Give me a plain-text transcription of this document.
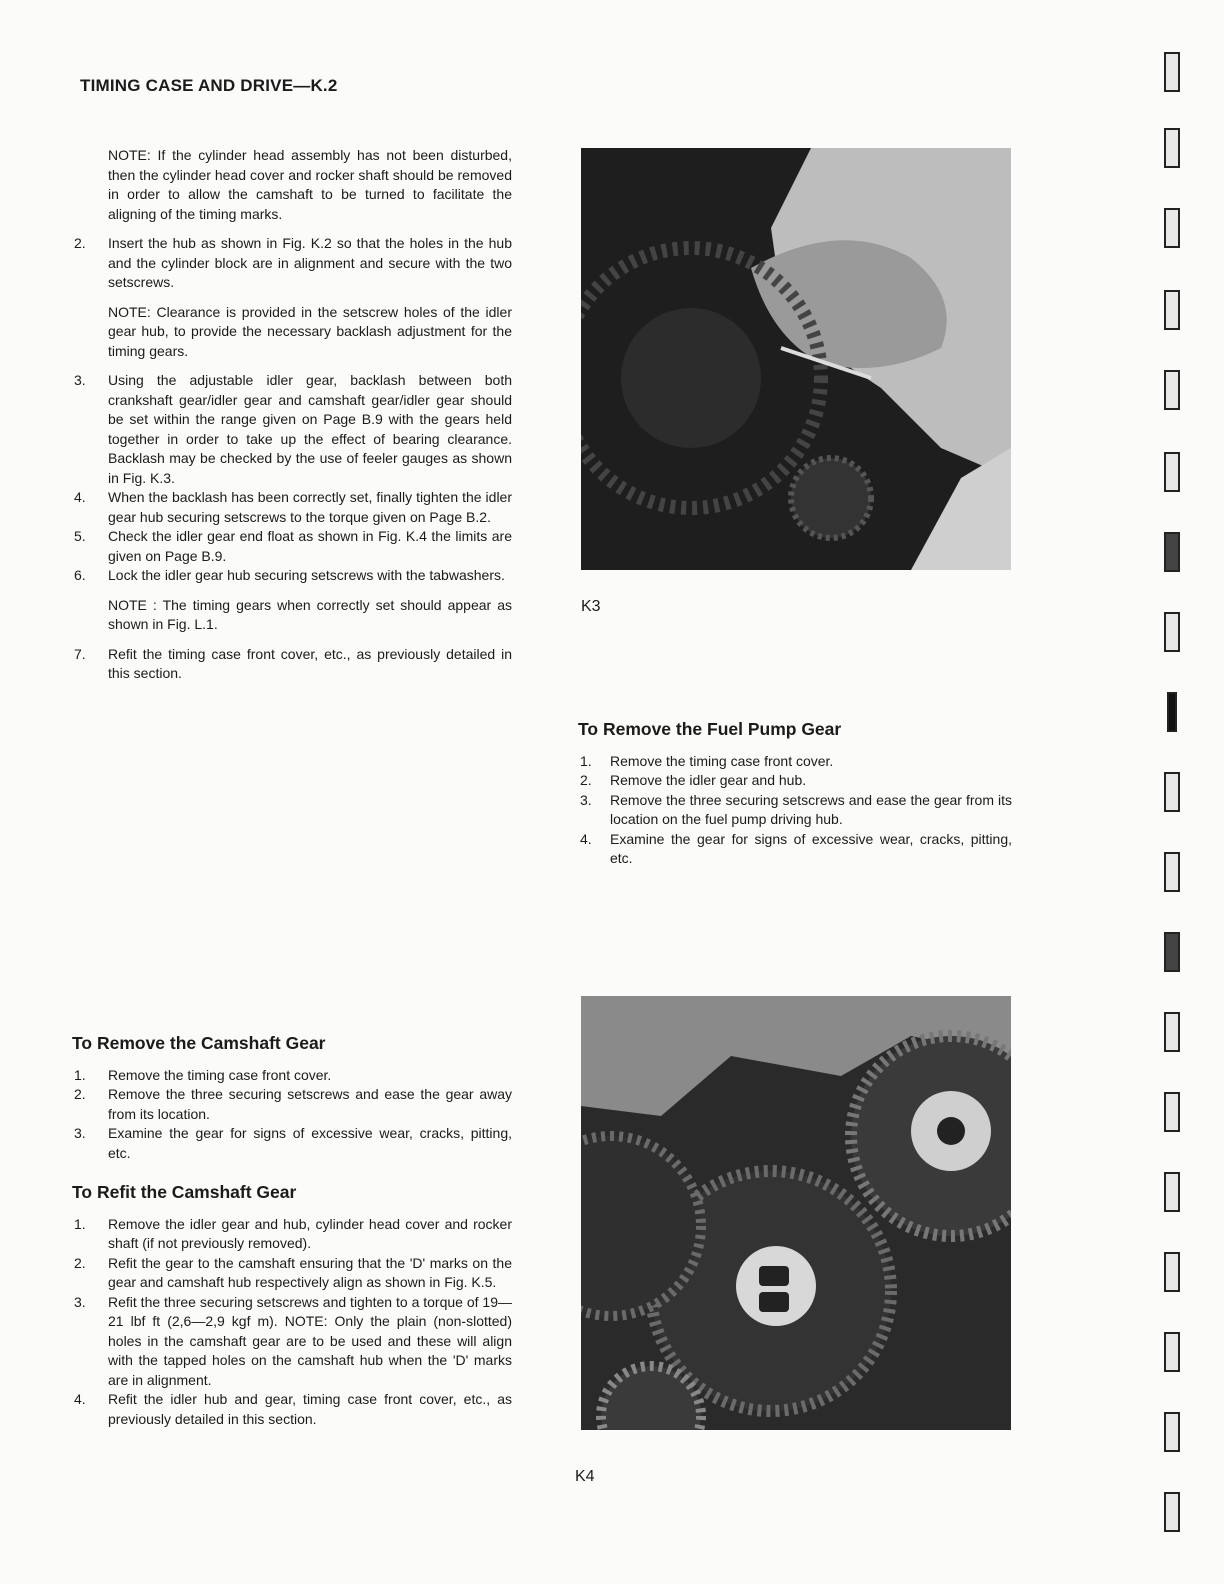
TIMING CASE AND DRIVE—K.2
NOTE: If the cylinder head assembly has not been disturbed, then the cylinder head cover and rocker shaft should be removed in order to allow the camshaft to be turned to facilitate the aligning of the timing marks.
2.	Insert the hub as shown in Fig. K.2 so that the holes in the hub and the cylinder block are in alignment and secure with the two setscrews.
NOTE: Clearance is provided in the setscrew holes of the idler gear hub, to provide the necessary backlash adjustment for the timing gears.
3.	Using the adjustable idler gear, backlash between both crankshaft gear/idler gear and camshaft gear/idler gear should be set within the range given on Page B.9 with the gears held together in order to take up the effect of bearing clearance. Backlash may be checked by the use of feeler gauges as shown in Fig. K.3.
4.	When the backlash has been correctly set, finally tighten the idler gear hub securing setscrews to the torque given on Page B.2.
5.	Check the idler gear end float as shown in Fig. K.4 the limits are given on Page B.9.
6.	Lock the idler gear hub securing setscrews with the tabwashers.
NOTE : The timing gears when correctly set should appear as shown in Fig. L.1.
7.	Refit the timing case front cover, etc., as previously detailed in this section.
To Remove the Camshaft Gear
1.	Remove the timing case front cover.
2.	Remove the three securing setscrews and ease the gear away from its location.
3.	Examine the gear for signs of excessive wear, cracks, pitting, etc.
To Refit the Camshaft Gear
1.	Remove the idler gear and hub, cylinder head cover and rocker shaft (if not previously removed).
2.	Refit the gear to the camshaft ensuring that the 'D' marks on the gear and camshaft hub respectively align as shown in Fig. K.5.
3.	Refit the three securing setscrews and tighten to a torque of 19—21 lbf ft (2,6—2,9 kgf m). NOTE: Only the plain (non-slotted) holes in the camshaft gear are to be used and these will align with the tapped holes on the camshaft hub when the 'D' marks are in alignment.
4.	Refit the idler hub and gear, timing case front cover, etc., as previously detailed in this section.
K3
To Remove the Fuel Pump Gear
1.	Remove the timing case front cover.
2.	Remove the idler gear and hub.
3.	Remove the three securing setscrews and ease the gear from its location on the fuel pump driving hub.
4.	Examine the gear for signs of excessive wear, cracks, pitting, etc.
K4
